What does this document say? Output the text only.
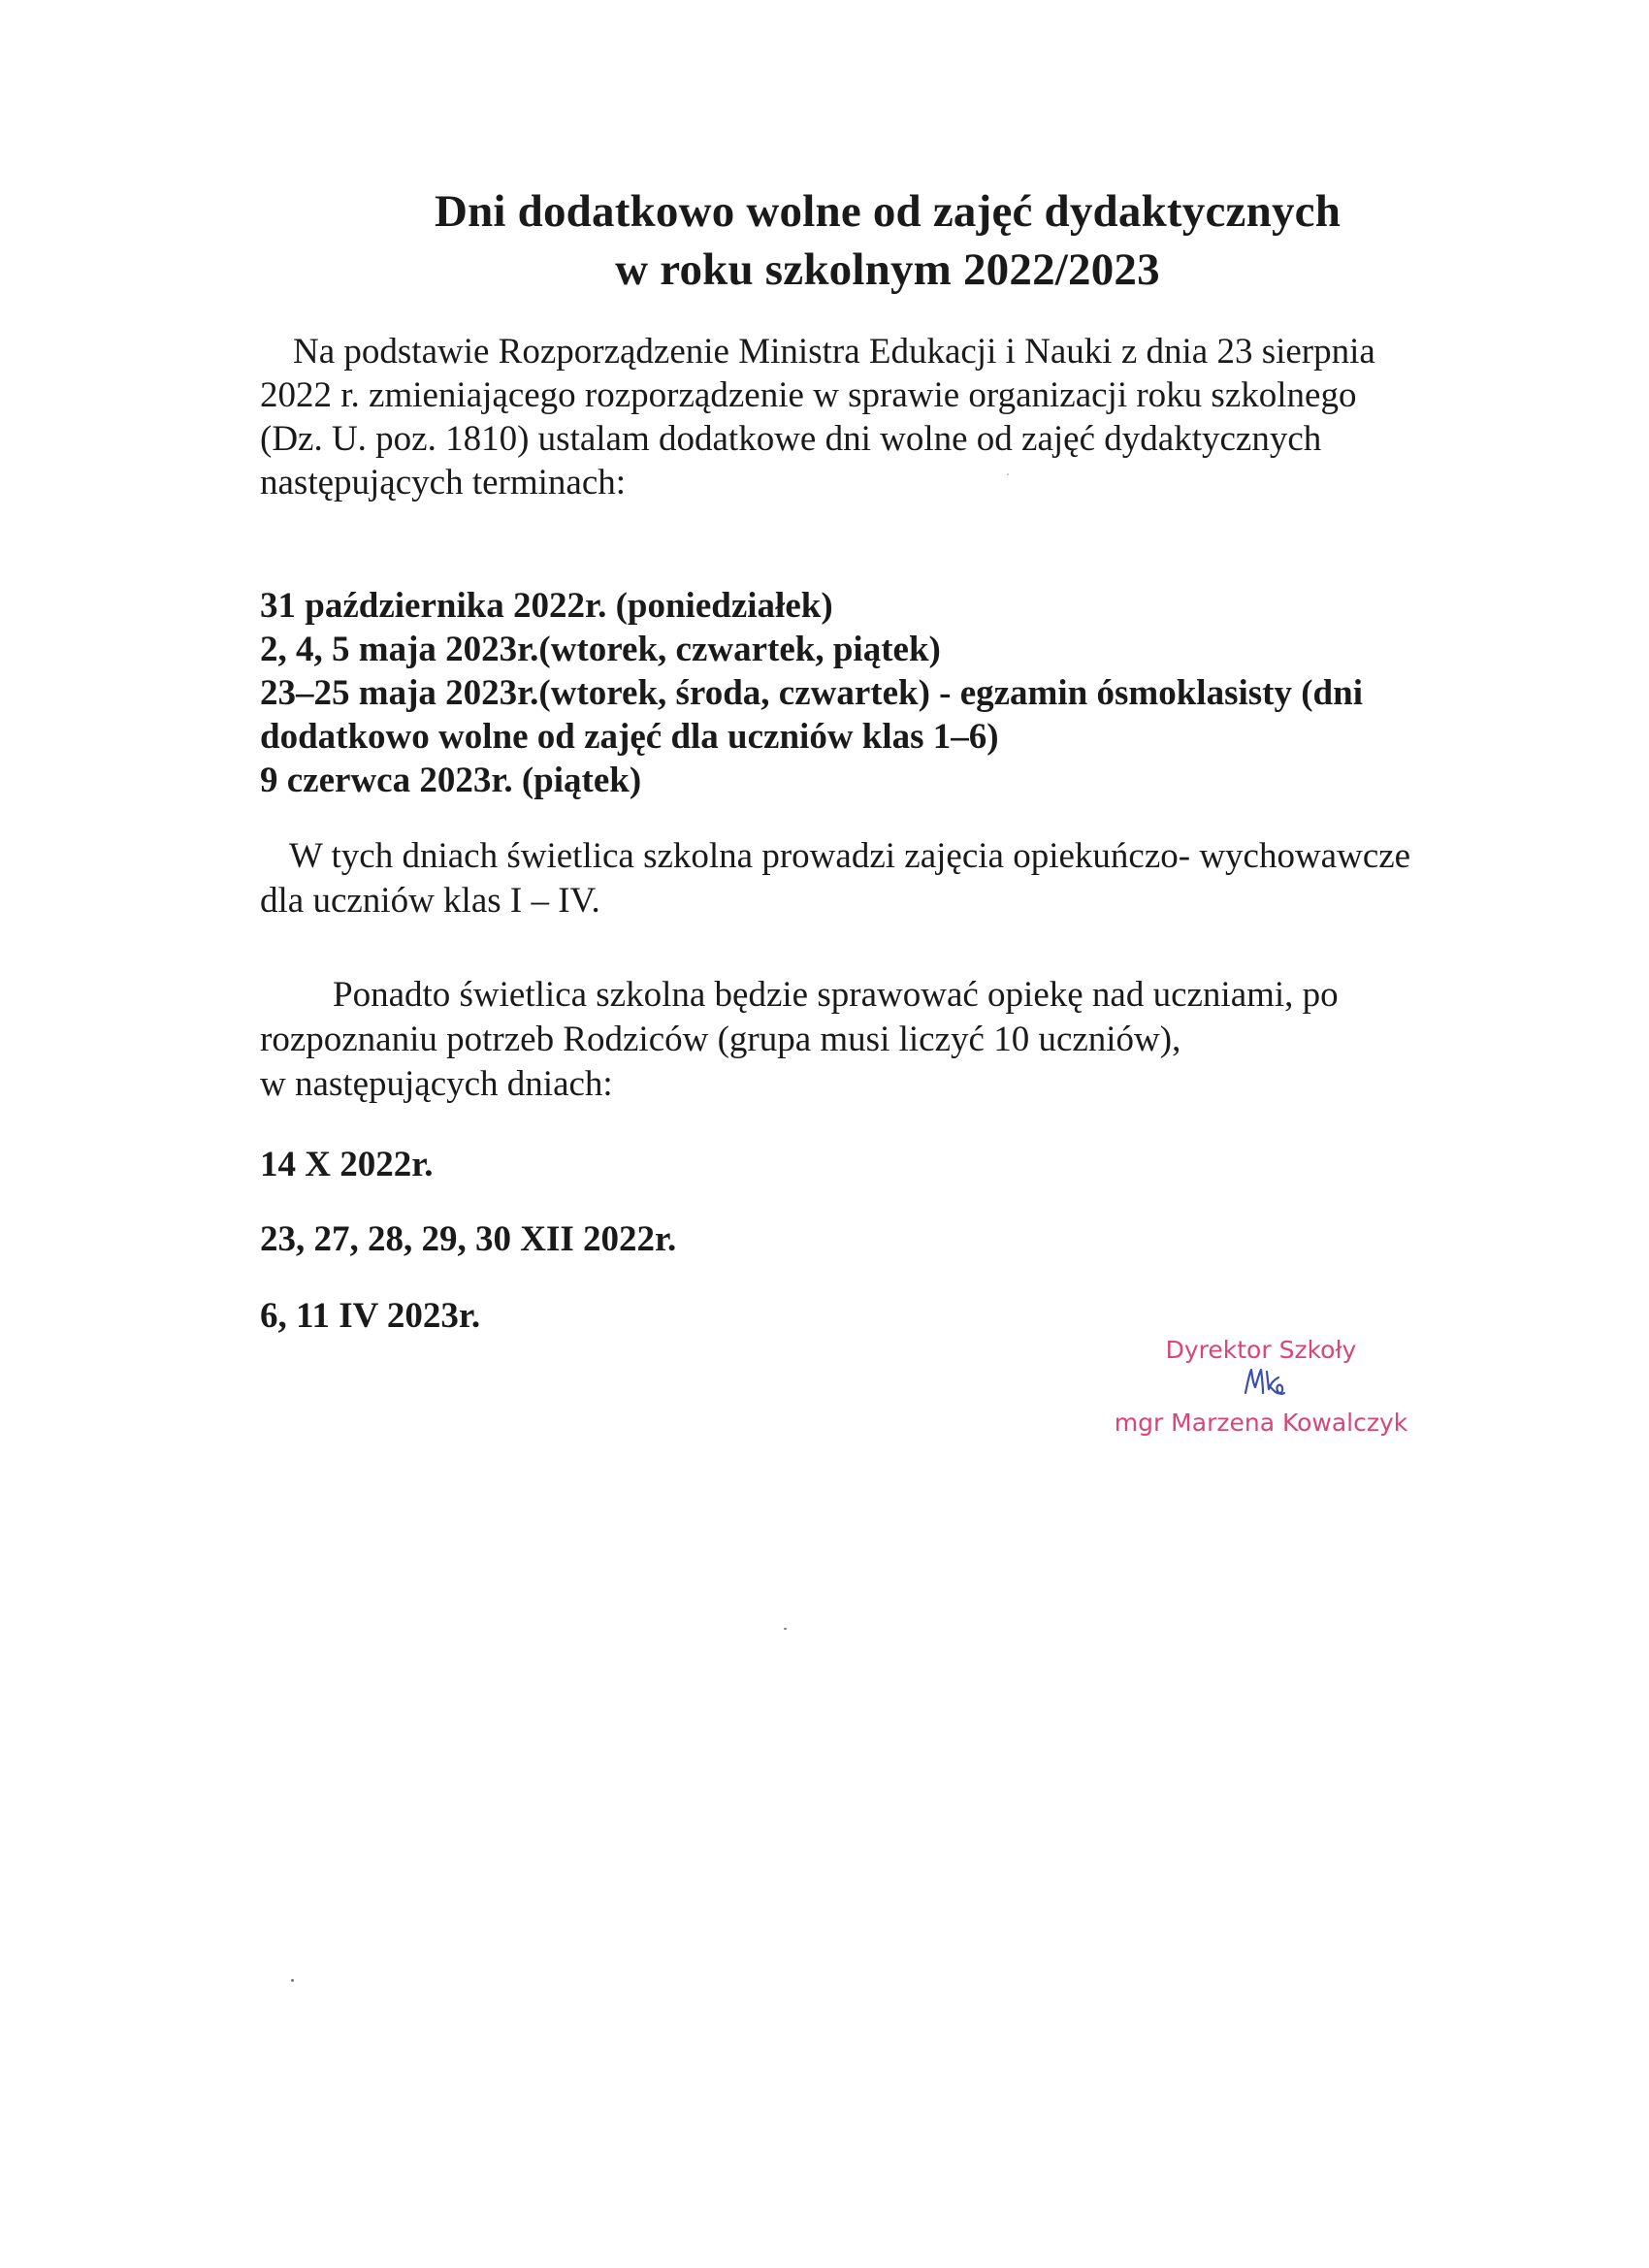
Dni dodatkowo wolne od zajęć dydaktycznych
w roku szkolnym 2022/2023
Na podstawie Rozporządzenie Ministra Edukacji i Nauki z dnia 23 sierpnia
2022 r. zmieniającego rozporządzenie w sprawie organizacji roku szkolnego
(Dz. U. poz. 1810) ustalam dodatkowe dni wolne od zajęć dydaktycznych
następujących terminach:
31 października 2022r. (poniedziałek)
2, 4, 5 maja 2023r.(wtorek, czwartek, piątek)
23–25 maja 2023r.(wtorek, środa, czwartek) - egzamin ósmoklasisty (dni
dodatkowo wolne od zajęć dla uczniów klas 1–6)
9 czerwca 2023r. (piątek)
W tych dniach świetlica szkolna prowadzi zajęcia opiekuńczo- wychowawcze
dla uczniów klas I – IV.
Ponadto świetlica szkolna będzie sprawować opiekę nad uczniami, po
rozpoznaniu potrzeb Rodziców (grupa musi liczyć 10 uczniów),
w następujących dniach:
14 X 2022r.
23, 27, 28, 29, 30 XII 2022r.
6, 11 IV 2023r.
Dyrektor Szkoły
mgr Marzena Kowalczyk
